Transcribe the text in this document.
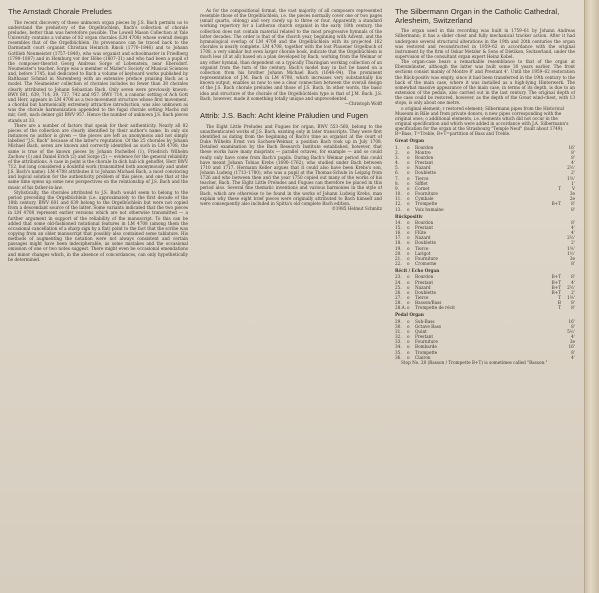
The Arnstadt Chorale Preludes

The recent discovery of these unknown organ pieces by J.S. Bach permits us to understand the prehistory of the Orgelbüchlein, Bach's collection of chorale preludes, better than was heretofore possible. The Lowell Mason Collection at Yale University contains a volume of 82 organ chorales (LM 4708) whose overall design resembles that of the Orgelbüchlein. Its provenance can be traced back to the Darmstadt court organist Christian Heinrich Rinck (1770–1846) and to Johann Gottlieb Neumeister (1757–1840), who was organist and schoolmaster in Friedberg (1790–1807) and in Homburg vor der Höhe (1807–31) and who had been a pupil of the composer-theorist Georg Andreas Sorge of Lobenstein, near Ebersdorf. Neumeister's teacher, Sorge was a member of Mizler's Society of Musical Sciences and, before 1745, had dedicated to Bach a volume of keyboard works published by Balthasar Schmid in Nuremberg with an extensive preface praising Bach as a model. The Neumeister collection of chorales includes no fewer than 38 chorales clearly attributed to Johann Sebastian Bach. Only seven were previously known: BWV 601, 639, 714, 39, 737, 742 and 957. BWV 714, a canonic setting of Ach Gott und Herr, appears in LM 4708 as a two-movement structure whose first movement, a chordal but harmonically extremely attractive introduction, was also unknown as was the chorale harmonization appended to the fugal chorale setting Machs mit mir, Gott, nach deiner güt BWV 957. Hence the number of unknown J.S. Bach pieces stands at 33.

There are a number of factors that speak for their authenticity. Nearly all 82 pieces of the collection are clearly identified by their author's name. In only six instances no author is given — the pieces are left as anonymous and not simply labelled "J.S. Bach" because of the latter's reputation. Of the 25 chorales by Johann Michael Bach, seven are known and correctly identified as such in LM 4708; the same is true of the known pieces by Johann Pachelbel (1), Friedrich Wilhelm Zachow (1) and Daniel Erich (2) and Sorge (5) — evidence for the general reliability of the attributions. A case in point is the chorale In dich hab ich gehoffet, Herr BWV 712, but long considered a doubtful work (transmitted both anonymously and under J.S. Bach's name). LM 4708 attributes it to Johann Michael Bach, a most convincing and logical solution for the authenticity problem of this piece, and one that at the same time opens up some new perspectives on the relationship of J.S. Bach and the music of his father-in-law.

Stylistically, the chorales attributed to J.S. Bach would seem to belong to the period preceding the Orgelbüchlein (i.e. approximately to the first decade of the 18th century. BWV 601 and 639 belong to the Orgelbüchlein but were not copied from a descendant source of the latter. Some variants indicated that the two pieces in LM 4708 represent earlier versions which are not otherwise transmitted — a further argument in support of the reliability of the manuscript. To this can be added that some old-fashioned notational features in LM 4708 (among them the occasional cancellation of a sharp sign by a flat) point to the fact that the scribe was copying from an older manuscript that possibly also contained some tablature. His methods of augmenting the notation were not always consistent and certain passages might have been indecipherable, as some mistakes and the occasional omission of one or two notes suggest. There might even be occasional emendations and minor changes which, in the absence of concordances, can only hypothetically be determined.

As for the compositional format, the vast majority of all composers represented resemble those of the Orgelbüchlein, i.e. the pieces normally cover one or two pages (small quarto, oblong) and very rarely up to three or four. Apparently a standard working repertory for a Lutheran church organist in the early 18th century, the collection does not contain material related to the most progressive hymnals of the latter decades. The order is that of the church year, beginning with Advent, and the hymnological overlap of LM 4708 and the Orgelbüchlein with its projected 162 chorales is nearly complete. LM 4708, together with the lost Plauener Orgelbuch of 1708, a very similar but even larger chorale book, indicate that the Orgelbüchlein is much less (if at all) based on a plan developed by Bach, working from the Weimar or any other hymnal, than dependent on a typically Thuringian working collection of an organist from the turn of the century. Bach's model may in fact be based on a collection from his brother Johann Michael Bach (1648–94). The prominent representation of J.M. Bach in LM 4708, which increases very substantially his known output, enables us now to see a clear connection between the overall design of the J.S. Bach chorale preludes and those of J.S. Bach. In other words, the basic idea and structure of the chorale of the Orgelbüchlein type is that of J.M. Bach. J.S. Bach, however, made it something totally unique and unprecedented.

—Christoph Wolff

Attrib: J.S. Bach: Acht kleine Präludien und Fugen

The Eight Little Preludes and Fugues for organ, BWV 553–560, belong to the unauthenticated works of J.S. Bach, existing only in later transcripts. They were first identified as dating from the beginning of Bach's time as organist at the court of Duke Wilhelm Ernst von Sachsen-Weimar, a position Bach took up in July 1708. Detailed examination by the Bach Research Institute established, however, that these works have many misprints — parallel octaves, for example — and so could really only have come from Bach's pupils. During Bach's Weimar period this could have meant Johann Tobias Krebs (1690–1762), who studied under Bach between 1710 and 1717. Hermann Keller argues that it could also have been Krebs's son, Johann Ludwig (1713–1780), who was a pupil at the Thomas-Schule in Leipzig from 1726 and who between then and the year 1750 copied out many of the works of his teacher, Bach. The Eight Little Preludes and Fugues can therefore be placed in this period also. Several fine thematic inventions and various harmonies in the style of Bach, which are otherwise to be found in the works of Johann Ludwig Krebs, man explain why these eight brief pieces were originally attributed to Bach himself and were consequently also included in Spitta's old complete Bach edition.

©1985 Helmut Schmitz

The Silbermann Organ in the Catholic Cathedral, Arlesheim, Switzerland

The organ used in this recording was built in 1759–61 by Johann Andreas Silbermann; it has a slider chest and fully mechanical tracker action. After it had undergone several structural alterations in the 19th and 20th centuries the organ was restored and reconstructed in 1959–62 in accordance with the original instrument by the firm of Oskar Metzler & Sons of Dietikon, Switzerland, under the supervision of the consultant organ expert Heinz Kobel.

The organ-case bears a remarkable resemblance to that of the organ at Ebersmünster, although the latter was built some 30 years earlier. The front sections consist mainly of Montre 8' and Prestant 4'. Until the 1959–62 restoration the Rück-positiv was empty, since it had been transferred in the 19th century to the back of the main case, where it was installed as a high-lying Hinterwerk. The somewhat massive appearance of the main case, in terms of its depth, is due to an extension of the pedals, also carried out in the last century. The original depth of the case could be restored, however, as the depth of the Great wind-chest, with 13 stops, is only about one metre.

o original element; r restored element; Silbermann pipes from the Historical Museum in Bâle and from private donors; n new pipes corresponding with the original ones; o additional elements, i.e. elements which did not occur in the original specification and which were added in accordance with J.A. Silbermann's specification for the organ at the Strasbourg "Temple Neuf" (built about 1749). B=Bass, T=Treble, B+T=partition of Bass and Treble.

Great Organ
1.	o	Bourdon	16'
2.	o	Montre	8'
3.	o	Bourdon	8'
4.	o	Prestant	4'
5.	o	Nazard	2⅔'
6.	o	Doublette	2'
7.	o	Tierce	1⅗'
8.	o	Sifflet	1'
9.	o	Cornet	T	V
10.	o	Fourniture	3e
11.	o	Cymbale	2e
12.	o	Trompette	B+T	8'
13.	o	Voix humaine	8'
Rückpositiv
14.	o	Bourdon	8'
15.	o	Prestant	4'
16.	o	Flûte	4'
17.	o	Nazard	2⅔'
18.	o	Doublette	2'
19.	o	Tierce	1⅗'
20.	o	Larigot	1⅓'
21.	o	Fourniture	3e
22.	o	Cromorne	8'
Récit / Echo Organ
23.	o	Bourdon	B+T	8'
24.	o	Prestant	B+T	4'
25.	o	Nazard	B+T	2⅔'
26.	o	Doublette	B+T	2'
27.	o	Tierce	T	1⅗'
28.	o	Basson/Bass	B	8'
28.A. o	Trompette de récit	T	8'
Pedal Organ
29.	o	Sub-Bass	16'
30.	o	Octave Bass	8'
31.	o	Quint	5⅓'
32.	o	Prestant	4'
33.	o	Fourniture	3e
34.	o	Bombarde	16'
35.	o	Trompette	8'
36.	o	Clairon	4'

Stop No. 28 (Basson / Trompette B+T) is sometimes called "Basson."
